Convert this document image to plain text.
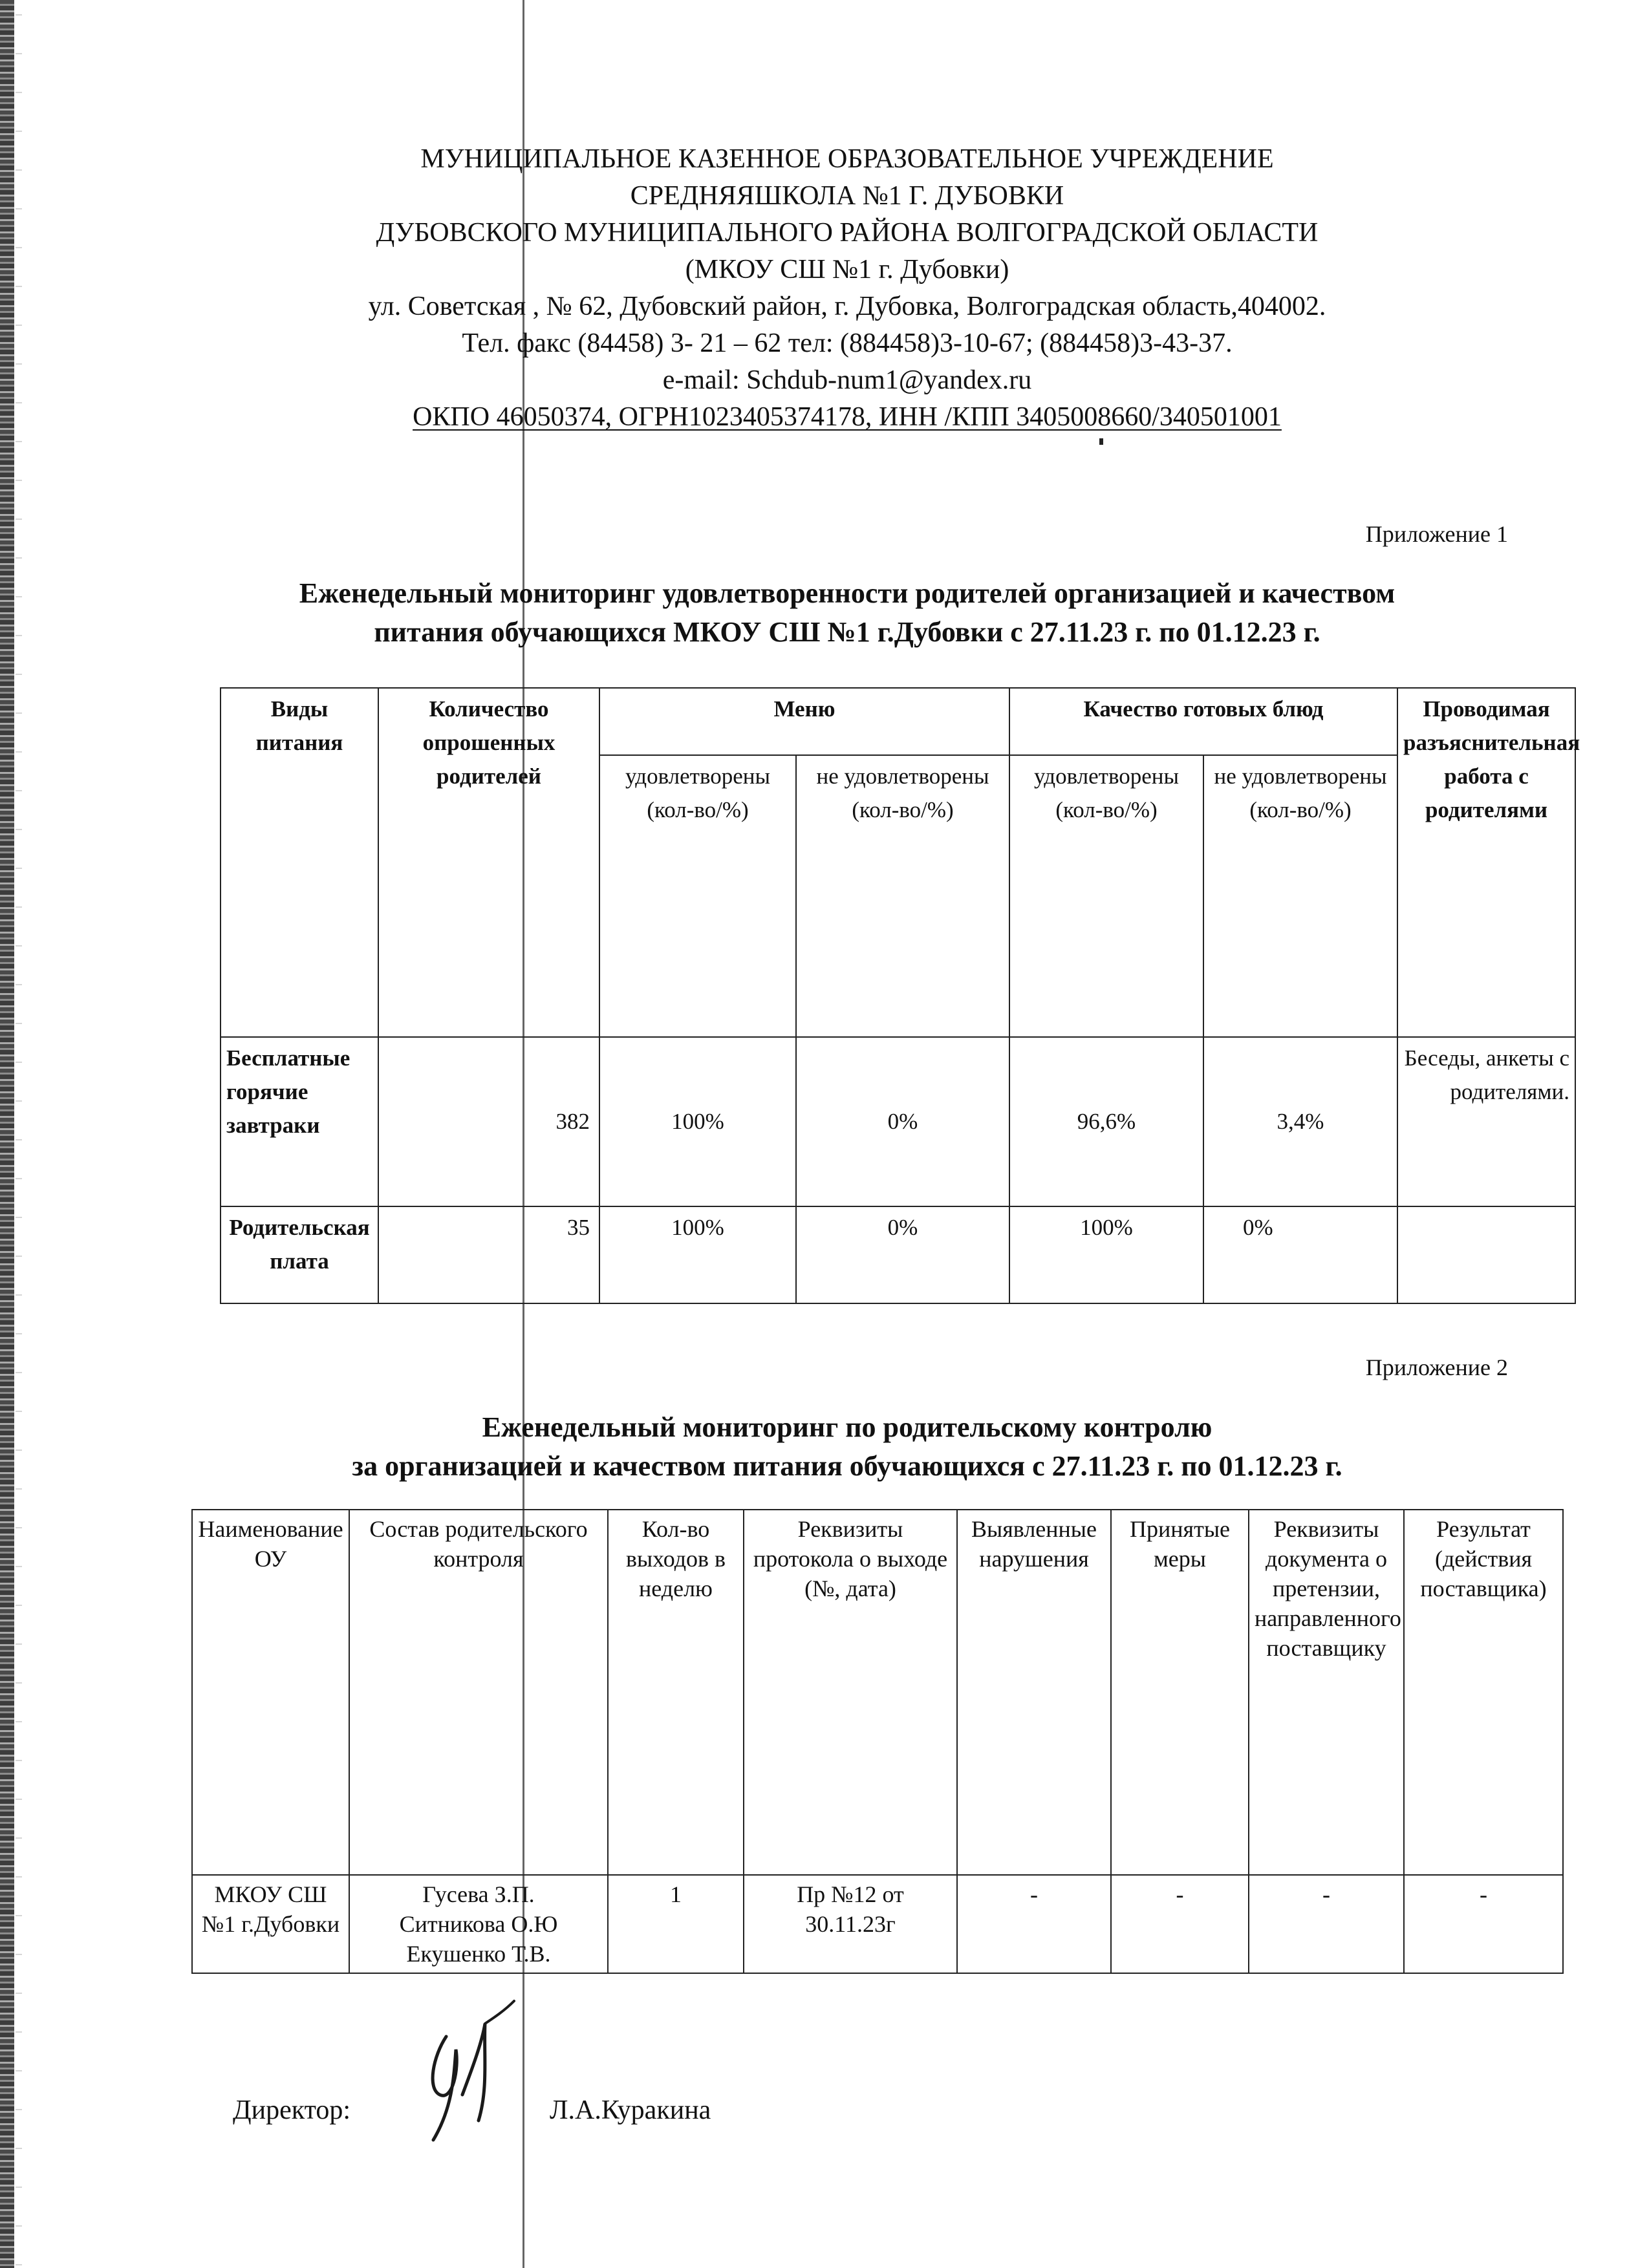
МУНИЦИПАЛЬНОЕ КАЗЕННОЕ ОБРАЗОВАТЕЛЬНОЕ УЧРЕЖДЕНИЕ
СРЕДНЯЯШКОЛА №1 Г. ДУБОВКИ
ДУБОВСКОГО МУНИЦИПАЛЬНОГО РАЙОНА ВОЛГОГРАДСКОЙ ОБЛАСТИ
(МКОУ СШ №1 г. Дубовки)
ул. Советская , № 62, Дубовский район, г. Дубовка, Волгоградская область,404002.
Тел. факс (84458) 3- 21 – 62 тел: (884458)3-10-67; (884458)3-43-37.
e-mail: Schdub-num1@yandex.ru
ОКПО 46050374, ОГРН1023405374178, ИНН /КПП 3405008660/340501001
Приложение 1
Еженедельный мониторинг удовлетворенности родителей организацией и качеством
питания обучающихся МКОУ СШ №1 г.Дубовки с 27.11.23 г. по 01.12.23 г.
Виды питания	Количество опрошенных родителей	Меню		Качество готовых блюд		Проводимая разъяснительная работа с родителями
		удовлетворены (кол-во/%)	не удовлетворены (кол-во/%)	удовлетворены (кол-во/%)	не удовлетворены (кол-во/%)	
Бесплатные горячие завтраки	382	100%	0%	96,6%	3,4%	Беседы, анкеты с родителями.
Родительская плата	35	100%	0%	100%	0%	
Приложение 2
Еженедельный мониторинг по родительскому контролю
за организацией и качеством питания обучающихся с 27.11.23 г. по 01.12.23 г.
Наименование ОУ	Состав родительского контроля	Кол-во выходов в неделю	Реквизиты протокола о выходе (№, дата)	Выявленные нарушения	Принятые меры	Реквизиты документа о претензии, направленного поставщику	Результат (действия поставщика)
МКОУ СШ №1 г.Дубовки	Гусева З.П.
Ситникова О.Ю
Екушенко Т.В.	1	Пр №12 от 30.11.23г	-	-	-	-
Директор:	Л.А.Куракина
